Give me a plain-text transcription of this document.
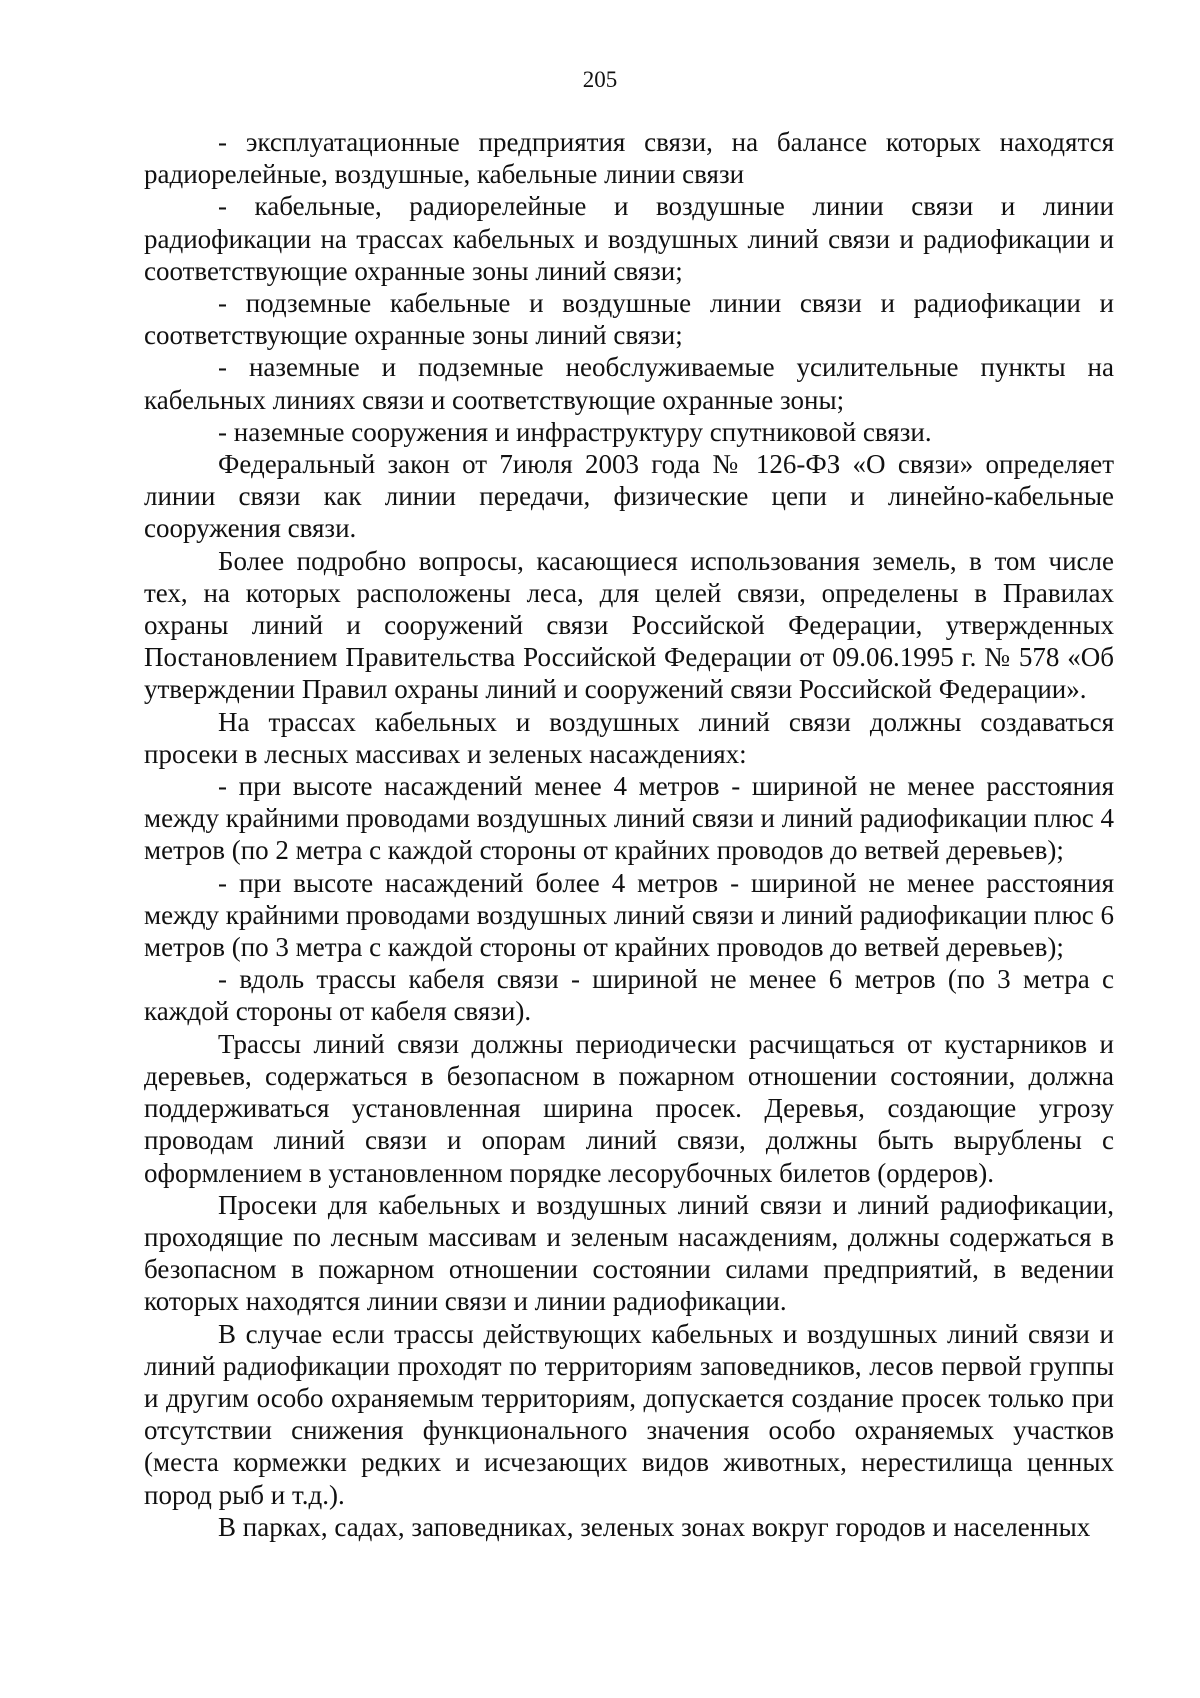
205

- эксплуатационные предприятия связи, на балансе которых находятся радиорелейные, воздушные, кабельные линии связи

- кабельные, радиорелейные и воздушные линии связи и линии радиофикации на трассах кабельных и воздушных линий связи и радиофикации и соответствующие охранные зоны линий связи;

- подземные кабельные и воздушные линии связи и радиофикации и соответствующие охранные зоны линий связи;

- наземные и подземные необслуживаемые усилительные пункты на кабельных линиях связи и соответствующие охранные зоны;

- наземные сооружения и инфраструктуру спутниковой связи.

Федеральный закон от 7июля 2003 года № 126-ФЗ «О связи» определяет линии связи как линии передачи, физические цепи и линейно-кабельные сооружения связи.

Более подробно вопросы, касающиеся использования земель, в том числе тех, на которых расположены леса, для целей связи, определены в Правилах охраны линий и сооружений связи Российской Федерации, утвержденных Постановлением Правительства Российской Федерации от 09.06.1995 г. № 578 «Об утверждении Правил охраны линий и сооружений связи Российской Федерации».

На трассах кабельных и воздушных линий связи должны создаваться просеки в лесных массивах и зеленых насаждениях:

- при высоте насаждений менее 4 метров - шириной не менее расстояния между крайними проводами воздушных линий связи и линий радиофикации плюс 4 метров (по 2 метра с каждой стороны от крайних проводов до ветвей деревьев);

- при высоте насаждений более 4 метров - шириной не менее расстояния между крайними проводами воздушных линий связи и линий радиофикации плюс 6 метров (по 3 метра с каждой стороны от крайних проводов до ветвей деревьев);

- вдоль трассы кабеля связи - шириной не менее 6 метров (по 3 метра с каждой стороны от кабеля связи).

Трассы линий связи должны периодически расчищаться от кустарников и деревьев, содержаться в безопасном в пожарном отношении состоянии, должна поддерживаться установленная ширина просек. Деревья, создающие угрозу проводам линий связи и опорам линий связи, должны быть вырублены с оформлением в установленном порядке лесорубочных билетов (ордеров).

Просеки для кабельных и воздушных линий связи и линий радиофикации, проходящие по лесным массивам и зеленым насаждениям, должны содержаться в безопасном в пожарном отношении состоянии силами предприятий, в ведении которых находятся линии связи и линии радиофикации.

В случае если трассы действующих кабельных и воздушных линий связи и линий радиофикации проходят по территориям заповедников, лесов первой группы и другим особо охраняемым территориям, допускается создание просек только при отсутствии снижения функционального значения особо охраняемых участков (места кормежки редких и исчезающих видов животных, нерестилища ценных пород рыб и т.д.).

В парках, садах, заповедниках, зеленых зонах вокруг городов и населенных
